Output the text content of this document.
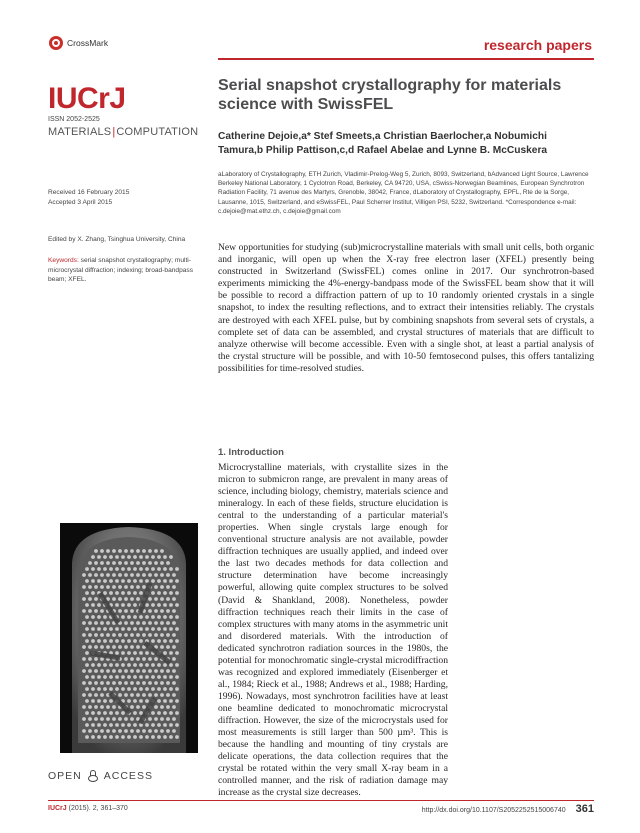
CrossMark	research papers
IUCrJ
ISSN 2052-2525
MATERIALS|COMPUTATION
Received 16 February 2015
Accepted 3 April 2015
Edited by X. Zhang, Tsinghua University, China
Keywords: serial snapshot crystallography; multi-microcrystal diffraction; indexing; broad-bandpass beam; XFEL.
OPEN ACCESS
Serial snapshot crystallography for materials science with SwissFEL
Catherine Dejoie,a* Stef Smeets,a Christian Baerlocher,a Nobumichi Tamura,b Philip Pattison,c,d Rafael Abelae and Lynne B. McCuskera
aLaboratory of Crystallography, ETH Zurich, Vladimir-Prelog-Weg 5, Zurich, 8093, Switzerland, bAdvanced Light Source, Lawrence Berkeley National Laboratory, 1 Cyclotron Road, Berkeley, CA 94720, USA, cSwiss-Norwegian Beamlines, European Synchrotron Radiation Facility, 71 avenue des Martyrs, Grenoble, 38042, France, dLaboratory of Crystallography, EPFL, Rte de la Sorge, Lausanne, 1015, Switzerland, and eSwissFEL, Paul Scherrer Institut, Villigen PSI, 5232, Switzerland. *Correspondence e-mail: c.dejoie@mat.ethz.ch, c.dejoie@gmail.com
New opportunities for studying (sub)microcrystalline materials with small unit cells, both organic and inorganic, will open up when the X-ray free electron laser (XFEL) presently being constructed in Switzerland (SwissFEL) comes online in 2017. Our synchrotron-based experiments mimicking the 4%-energy-bandpass mode of the SwissFEL beam show that it will be possible to record a diffraction pattern of up to 10 randomly oriented crystals in a single snapshot, to index the resulting reflections, and to extract their intensities reliably. The crystals are destroyed with each XFEL pulse, but by combining snapshots from several sets of crystals, a complete set of data can be assembled, and crystal structures of materials that are difficult to analyze otherwise will become accessible. Even with a single shot, at least a partial analysis of the crystal structure will be possible, and with 10-50 femtosecond pulses, this offers tantalizing possibilities for time-resolved studies.
1. Introduction
Microcrystalline materials, with crystallite sizes in the micron to submicron range, are prevalent in many areas of science, including biology, chemistry, materials science and mineralogy. In each of these fields, structure elucidation is central to the understanding of a particular material's properties. When single crystals large enough for conventional structure analysis are not available, powder diffraction techniques are usually applied, and indeed over the last two decades methods for data collection and structure determination have become increasingly powerful, allowing quite complex structures to be solved (David & Shankland, 2008). Nonetheless, powder diffraction techniques reach their limits in the case of complex structures with many atoms in the asymmetric unit and disordered materials. With the introduction of dedicated synchrotron radiation sources in the 1980s, the potential for monochromatic single-crystal microdiffraction was recognized and explored immediately (Eisenberger et al., 1984; Rieck et al., 1988; Andrews et al., 1988; Harding, 1996). Nowadays, most synchrotron facilities have at least one beamline dedicated to monochromatic microcrystal diffraction. However, the size of the microcrystals used for most measurements is still larger than 500 µm³. This is because the handling and mounting of tiny crystals are delicate operations, the data collection requires that the crystal be rotated within the very small X-ray beam in a controlled manner, and the risk of radiation damage may increase as the crystal size decreases.
IUCrJ (2015). 2, 361–370	http://dx.doi.org/10.1107/S2052252515006740 361
